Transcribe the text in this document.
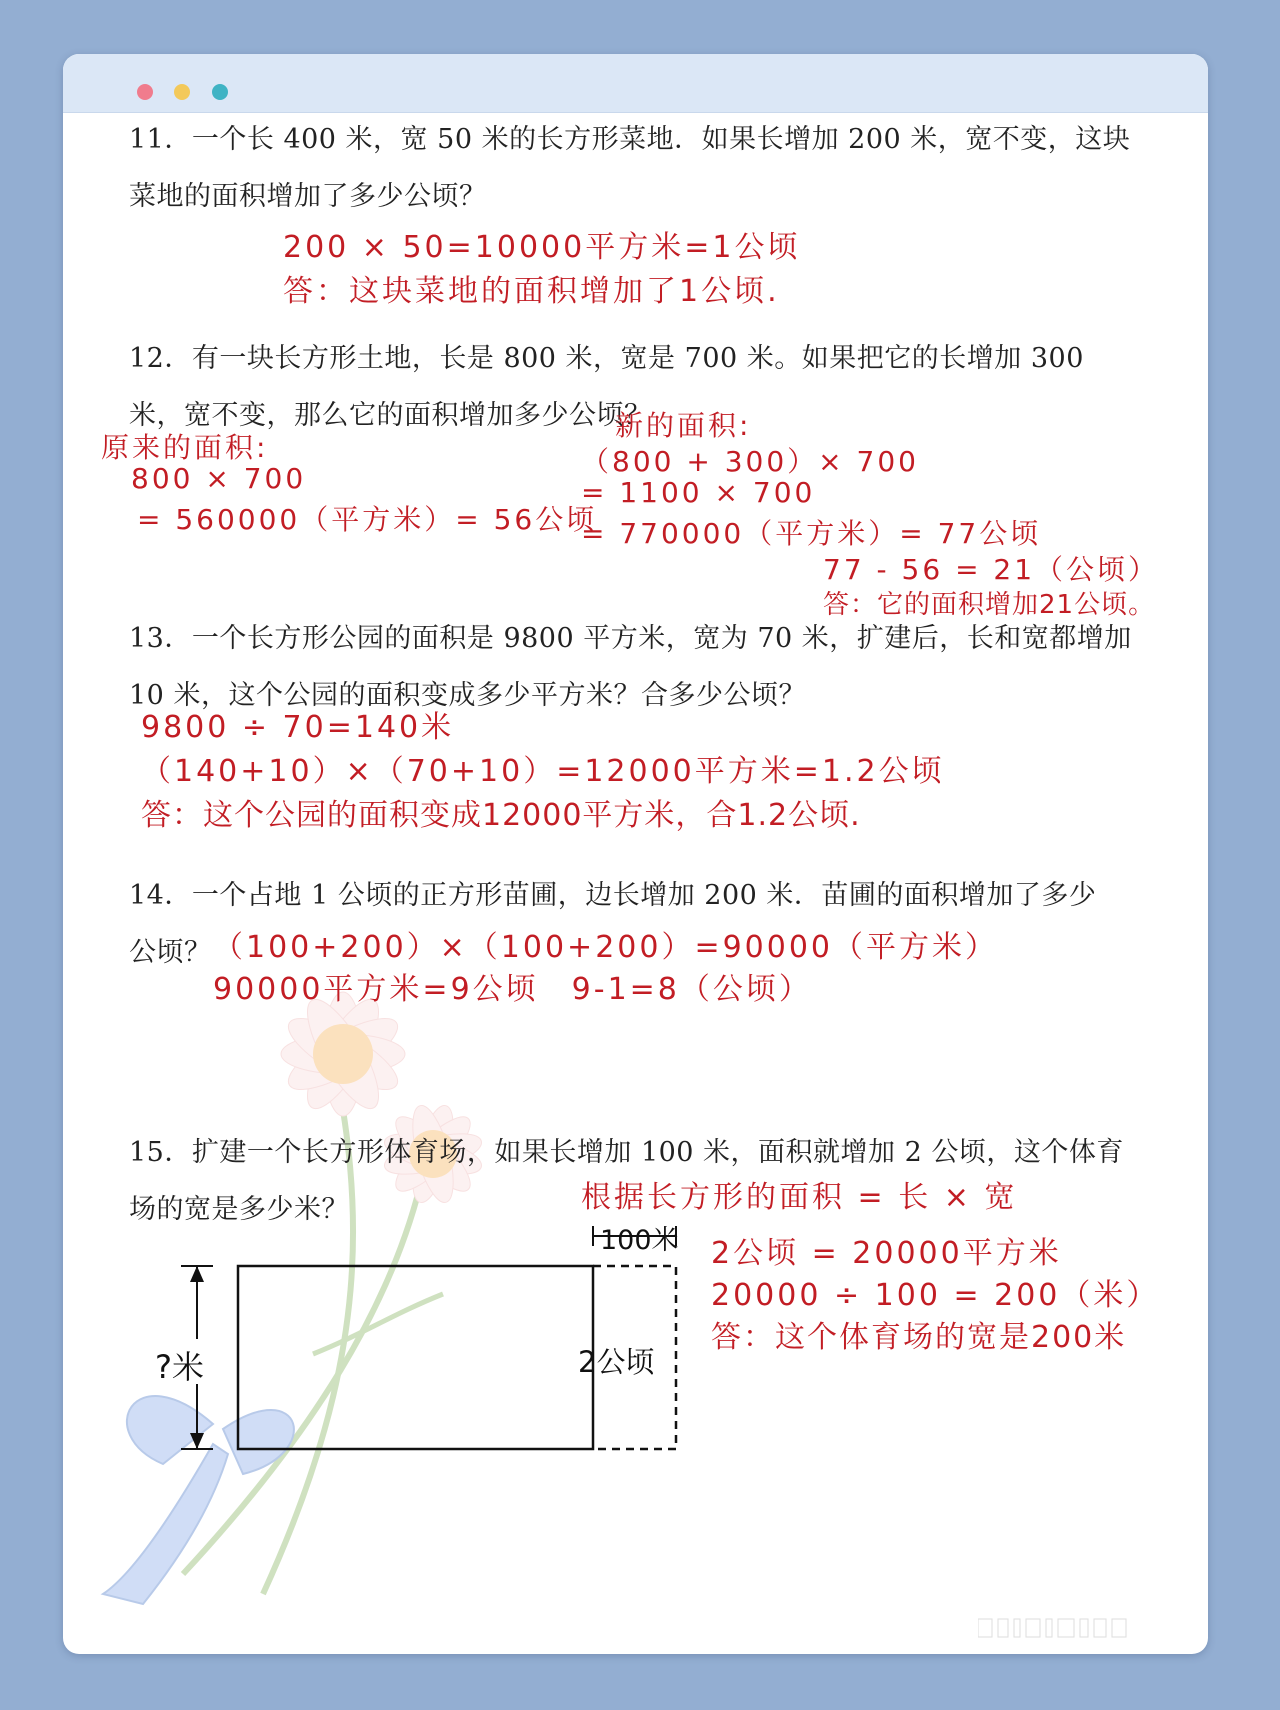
11．一个长 400 米，宽 50 米的长方形菜地．如果长增加 200 米，宽不变，这块菜地的面积增加了多少公顷？
200 × 50=10000平方米=1公顷
答：这块菜地的面积增加了1公顷.
12．有一块长方形土地，长是 800 米，宽是 700 米。如果把它的长增加 300 米，宽不变，那么它的面积增加多少公顷？
原来的面积:
800 × 700
= 560000（平方米）= 56公顷
新的面积:
（800 + 300）× 700
= 1100 × 700
= 770000（平方米）= 77公顷
77 - 56 = 21（公顷）
答：它的面积增加21公顷。
13．一个长方形公园的面积是 9800 平方米，宽为 70 米，扩建后，长和宽都增加 10 米，这个公园的面积变成多少平方米？合多少公顷？
9800 ÷ 70=140米
（140+10）×（70+10）=12000平方米=1.2公顷
答：这个公园的面积变成12000平方米，合1.2公顷.
14．一个占地 1 公顷的正方形苗圃，边长增加 200 米．苗圃的面积增加了多少
公顷？ （100+200）×（100+200）=90000（平方米）
90000平方米=9公顷　9-1=8（公顷）
15．扩建一个长方形体育场，如果长增加 100 米，面积就增加 2 公顷，这个体育场的宽是多少米？	根据长方形的面积 = 长 × 宽
2公顷 = 20000平方米
20000 ÷ 100 = 200（米）
答：这个体育场的宽是200米
100米
?米	2公顷
